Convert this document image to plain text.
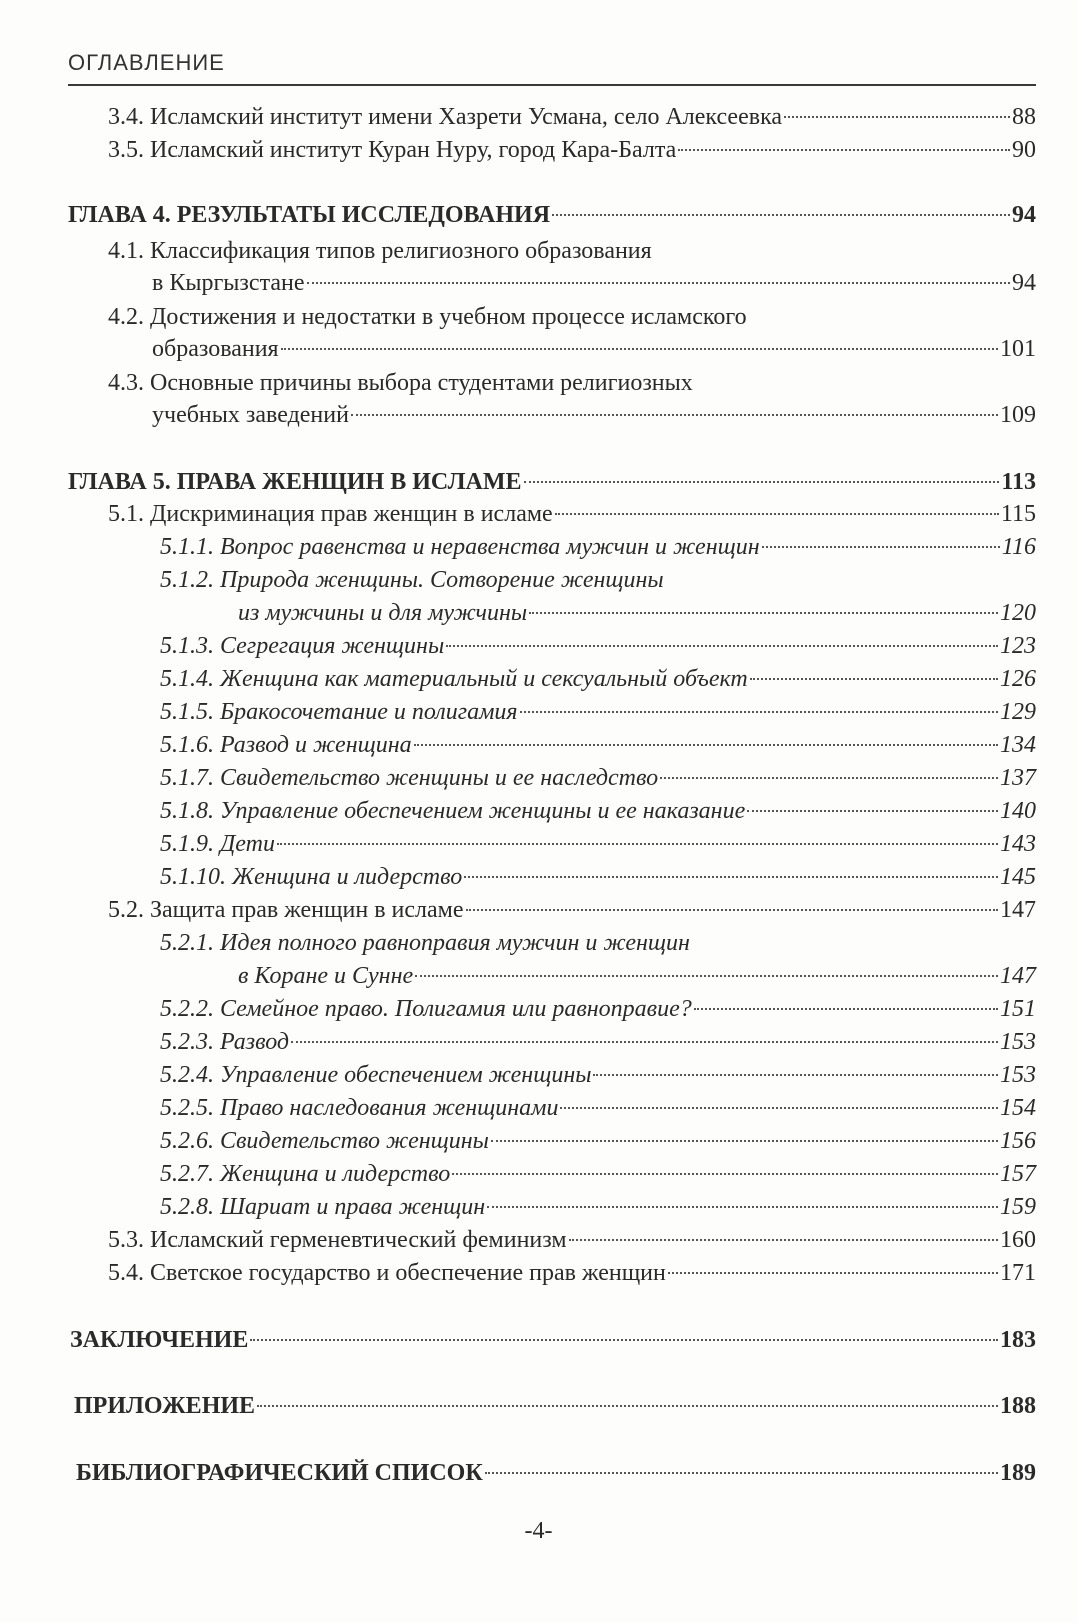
ОГЛАВЛЕНИЕ
3.4. Исламский институт имени Хазрети Усмана, село Алексеевка	88
3.5. Исламский институт Куран Нуру, город Кара-Балта	90
ГЛАВА 4. РЕЗУЛЬТАТЫ ИССЛЕДОВАНИЯ	94
4.1. Классификация типов религиозного образования
в Кыргызстане	94
4.2. Достижения и недостатки в учебном процессе исламского
образования	101
4.3. Основные причины выбора студентами религиозных
учебных заведений	109
ГЛАВА 5. ПРАВА ЖЕНЩИН В ИСЛАМЕ	113
5.1. Дискриминация прав женщин в исламе	115
5.1.1. Вопрос равенства и неравенства мужчин и женщин	116
5.1.2. Природа женщины. Сотворение женщины
из мужчины и для мужчины	120
5.1.3. Сегрегация женщины	123
5.1.4. Женщина как материальный и сексуальный объект	126
5.1.5. Бракосочетание и полигамия	129
5.1.6. Развод и женщина	134
5.1.7. Свидетельство женщины и ее наследство	137
5.1.8. Управление обеспечением женщины и ее наказание	140
5.1.9. Дети	143
5.1.10. Женщина и лидерство	145
5.2. Защита прав женщин в исламе	147
5.2.1. Идея полного равноправия мужчин и женщин
в Коране и Сунне	147
5.2.2. Семейное право. Полигамия или равноправие?	151
5.2.3. Развод	153
5.2.4. Управление обеспечением женщины	153
5.2.5. Право наследования женщинами	154
5.2.6. Свидетельство женщины	156
5.2.7. Женщина и лидерство	157
5.2.8. Шариат и права женщин	159
5.3. Исламский герменевтический феминизм	160
5.4. Светское государство и обеспечение прав женщин	171
ЗАКЛЮЧЕНИЕ	183
ПРИЛОЖЕНИЕ	188
БИБЛИОГРАФИЧЕСКИЙ СПИСОК	189
-4-
